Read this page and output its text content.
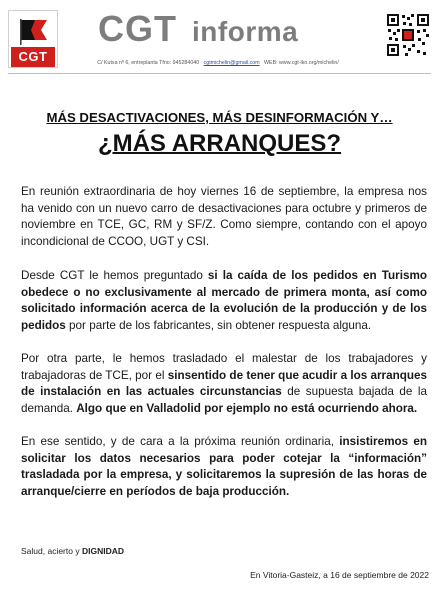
CGT
CGT informa
C/ Kutxa nº 6, entreplanta Tfno: 945284040 cgtmichelin@gmail.com WEB: www.cgt-lkn.org/michelin/
MÁS DESACTIVACIONES, MÁS DESINFORMACIÓN Y…
¿MÁS ARRANQUES?

En reunión extraordinaria de hoy viernes 16 de septiembre, la empresa nos ha venido con un nuevo carro de desactivaciones para octubre y primeros de noviembre en TCE, GC, RM y SF/Z. Como siempre, contando con el apoyo incondicional de CCOO, UGT y CSI.

Desde CGT le hemos preguntado si la caída de los pedidos en Turismo obedece o no exclusivamente al mercado de primera monta, así como solicitado información acerca de la evolución de la producción y de los pedidos por parte de los fabricantes, sin obtener respuesta alguna.

Por otra parte, le hemos trasladado el malestar de los trabajadores y trabajadoras de TCE, por el sinsentido de tener que acudir a los arranques de instalación en las actuales circunstancias de supuesta bajada de la demanda. Algo que en Valladolid por ejemplo no está ocurriendo ahora.

En ese sentido, y de cara a la próxima reunión ordinaria, insistiremos en solicitar los datos necesarios para poder cotejar la “información” trasladada por la empresa, y solicitaremos la supresión de las horas de arranque/cierre en períodos de baja producción.

Salud, acierto y DIGNIDAD
En Vitoria-Gasteiz, a 16 de septiembre de 2022
